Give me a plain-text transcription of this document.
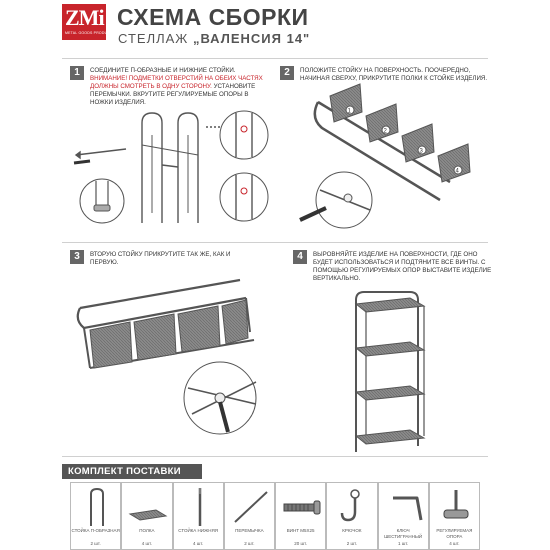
ZMi
METAL GOODS PRODUCTION
СХЕМА СБОРКИ
СТЕЛЛАЖ „ВАЛЕНСИЯ 14"
1	СОЕДИНИТЕ П-ОБРАЗНЫЕ И НИЖНИЕ СТОЙКИ. ВНИМАНИЕ! ПОДМЕТКИ ОТВЕРСТИЙ НА ОБЕИХ ЧАСТЯХ ДОЛЖНЫ СМОТРЕТЬ В ОДНУ СТОРОНУ. УСТАНОВИТЕ ПЕРЕМЫЧКИ. ВКРУТИТЕ РЕГУЛИРУЕМЫЕ ОПОРЫ В НОЖКИ ИЗДЕЛИЯ.
2	ПОЛОЖИТЕ СТОЙКУ НА ПОВЕРХНОСТЬ. ПООЧЕРЕДНО, НАЧИНАЯ СВЕРХУ, ПРИКРУТИТЕ ПОЛКИ К СТОЙКЕ ИЗДЕЛИЯ.
1
2
3
4
3	ВТОРУЮ СТОЙКУ ПРИКРУТИТЕ ТАК ЖЕ, КАК И ПЕРВУЮ.
4	ВЫРОВНЯЙТЕ ИЗДЕЛИЕ НА ПОВЕРХНОСТИ, ГДЕ ОНО БУДЕТ ИСПОЛЬЗОВАТЬСЯ И ПОДТЯНИТЕ ВСЕ ВИНТЫ. С ПОМОЩЬЮ РЕГУЛИРУЕМЫХ ОПОР ВЫСТАВИТЕ ИЗДЕЛИЕ ВЕРТИКАЛЬНО.
КОМПЛЕКТ ПОСТАВКИ
СТОЙКА П-ОБРАЗНАЯ
2 шт.
ПОЛКА
4 шт.
СТОЙКА НИЖНЯЯ
4 шт.
ПЕРЕМЫЧКА
2 шт.
ВИНТ М5Х25
20 шт.
КРЮЧОК
2 шт.
КЛЮЧ ШЕСТИГРАННЫЙ
1 шт.
РЕГУЛИРУЕМАЯ ОПОРА
4 шт.
